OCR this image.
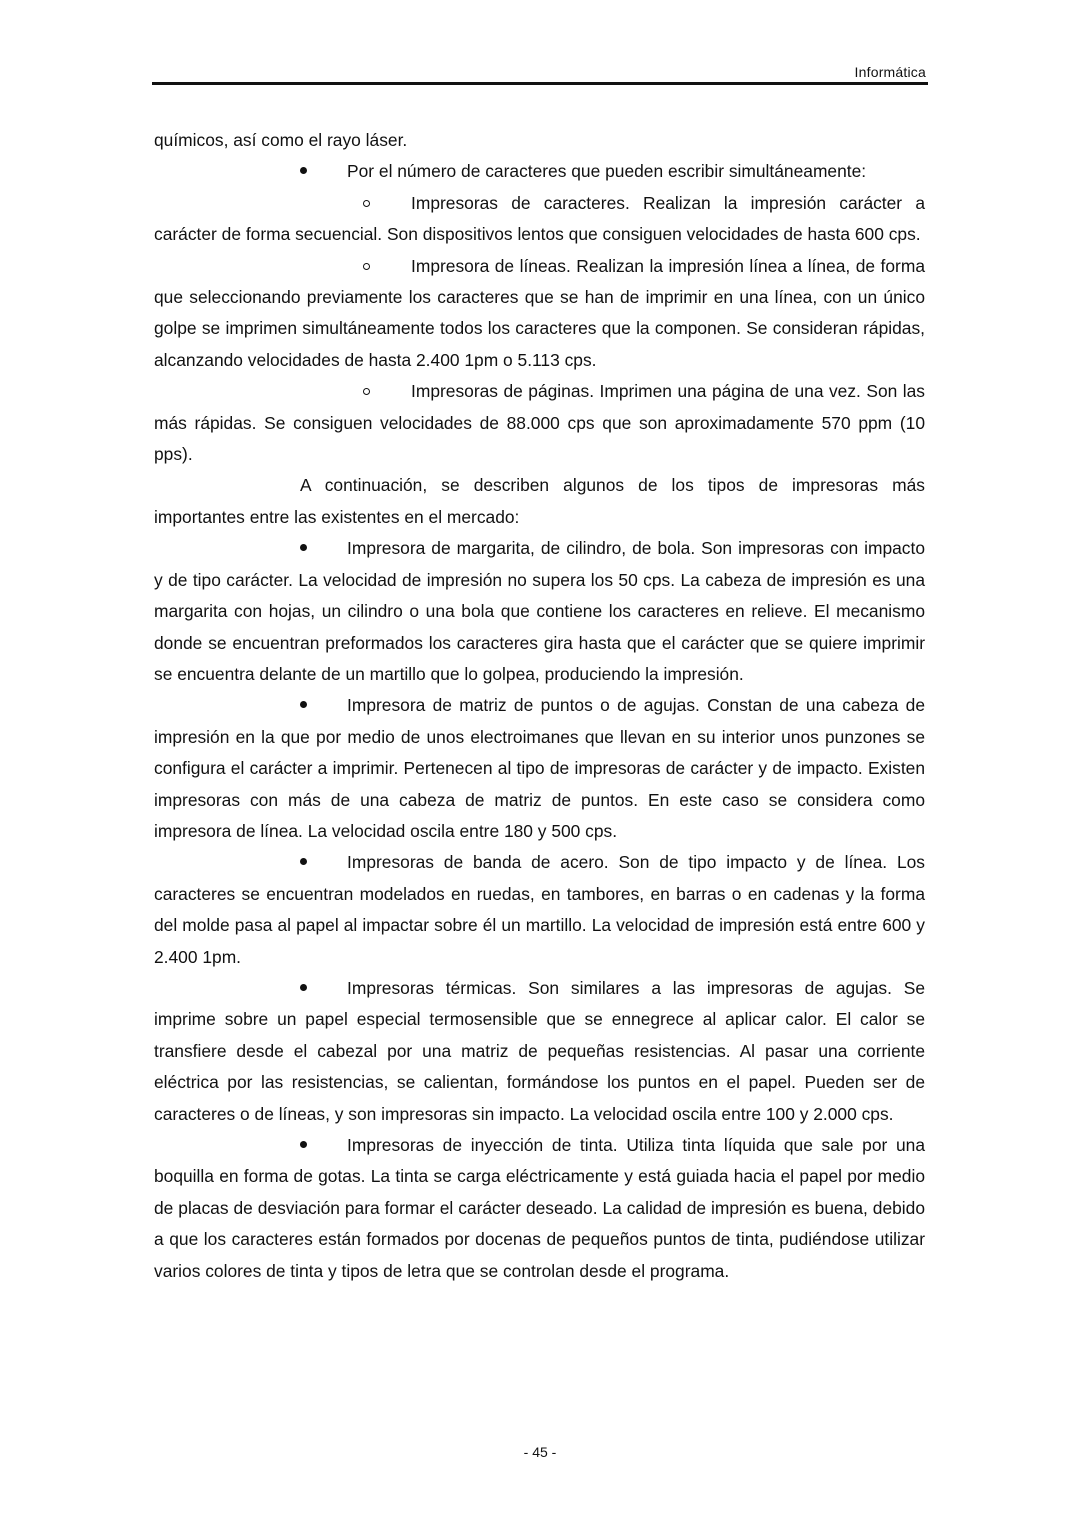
Informática

químicos, así como el rayo láser.

Por el número de caracteres que pueden escribir simultáneamente:

Impresoras de caracteres. Realizan la impresión carácter a carácter de forma secuencial. Son dispositivos lentos que consiguen velocidades de hasta 600 cps.

Impresora de líneas. Realizan la impresión línea a línea, de forma que seleccionando previamente los caracteres que se han de imprimir en una línea, con un único golpe se imprimen simultáneamente todos los caracteres que la componen. Se consideran rápidas, alcanzando velocidades de hasta 2.400 1pm o 5.113 cps.

Impresoras de páginas. Imprimen una página de una vez. Son las más rápidas. Se consiguen velocidades de 88.000 cps que son aproximadamente 570 ppm (10 pps).

A continuación, se describen algunos de los tipos de impresoras más importantes entre las existentes en el mercado:

Impresora de margarita, de cilindro, de bola. Son impresoras con impacto y de tipo carácter. La velocidad de impresión no supera los 50 cps. La cabeza de impresión es una margarita con hojas, un cilindro o una bola que contiene los caracteres en relieve. El mecanismo donde se encuentran preformados los caracteres gira hasta que el carácter que se quiere imprimir se encuentra delante de un martillo que lo golpea, produciendo la impresión.

Impresora de matriz de puntos o de agujas. Constan de una cabeza de impresión en la que por medio de unos electroimanes que llevan en su interior unos punzones se configura el carácter a imprimir. Pertenecen al tipo de impresoras de carácter y de impacto. Existen impresoras con más de una cabeza de matriz de puntos. En este caso se considera como impresora de línea. La velocidad oscila entre 180 y 500 cps.

Impresoras de banda de acero. Son de tipo impacto y de línea. Los caracteres se encuentran modelados en ruedas, en tambores, en barras o en cadenas y la forma del molde pasa al papel al impactar sobre él un martillo. La velocidad de impresión está entre 600 y 2.400 1pm.

Impresoras térmicas. Son similares a las impresoras de agujas. Se imprime sobre un papel especial termosensible que se ennegrece al aplicar calor. El calor se transfiere desde el cabezal por una matriz de pequeñas resistencias. Al pasar una corriente eléctrica por las resistencias, se calientan, formándose los puntos en el papel. Pueden ser de caracteres o de líneas, y son impresoras sin impacto. La velocidad oscila entre 100 y 2.000 cps.

Impresoras de inyección de tinta. Utiliza tinta líquida que sale por una boquilla en forma de gotas. La tinta se carga eléctricamente y está guiada hacia el papel por medio de placas de desviación para formar el carácter deseado. La calidad de impresión es buena, debido a que los caracteres están formados por docenas de pequeños puntos de tinta, pudiéndose utilizar varios colores de tinta y tipos de letra que se controlan desde el programa.

- 45 -
